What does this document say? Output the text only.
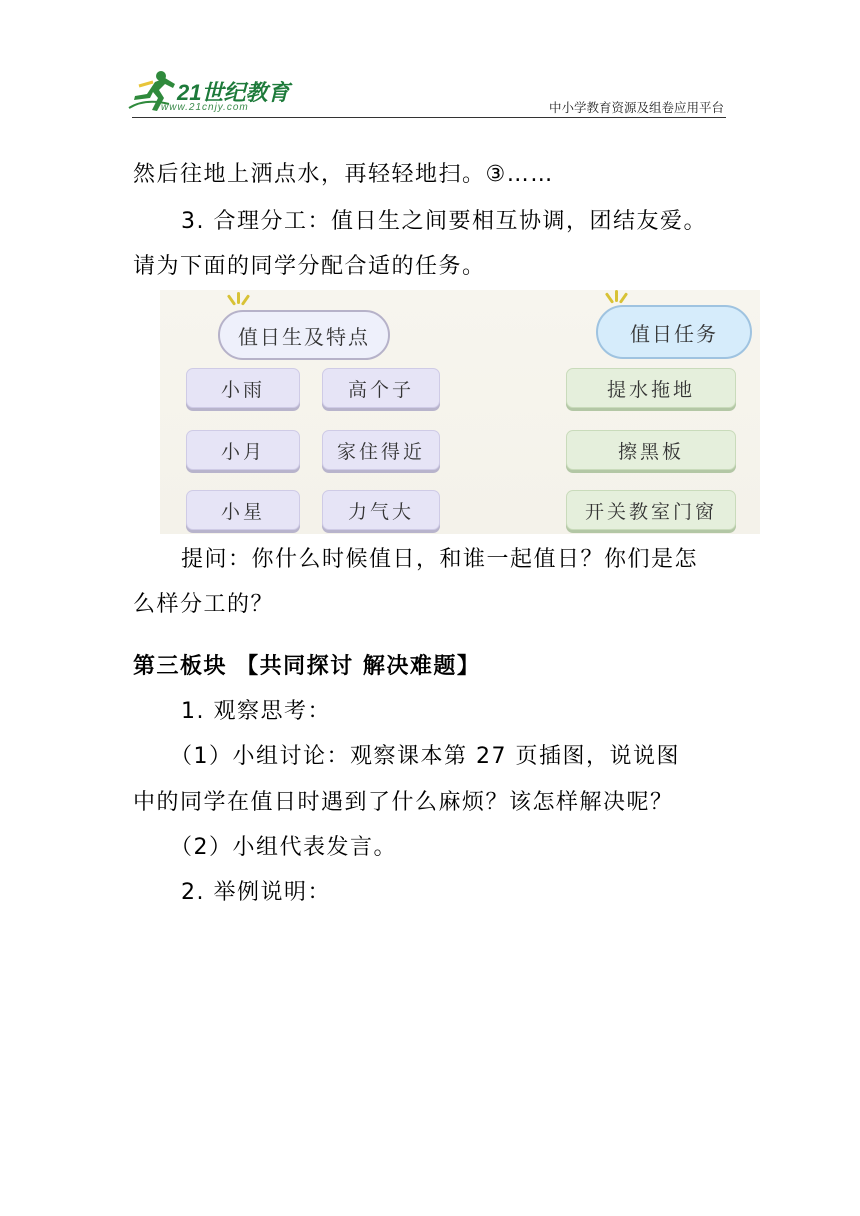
21世纪教育
www.21cnjy.com	中小学教育资源及组卷应用平台
然后往地上洒点水，再轻轻地扫。③……
3. 合理分工：值日生之间要相互协调，团结友爱。
请为下面的同学分配合适的任务。
值日生及特点	值日任务
小雨	高个子	提水拖地
小月	家住得近	擦黑板
小星	力气大	开关教室门窗
提问：你什么时候值日，和谁一起值日？你们是怎
么样分工的？
第三板块 【共同探讨 解决难题】
1. 观察思考：
（1）小组讨论：观察课本第 27 页插图，说说图
中的同学在值日时遇到了什么麻烦？该怎样解决呢？
（2）小组代表发言。
2. 举例说明：
